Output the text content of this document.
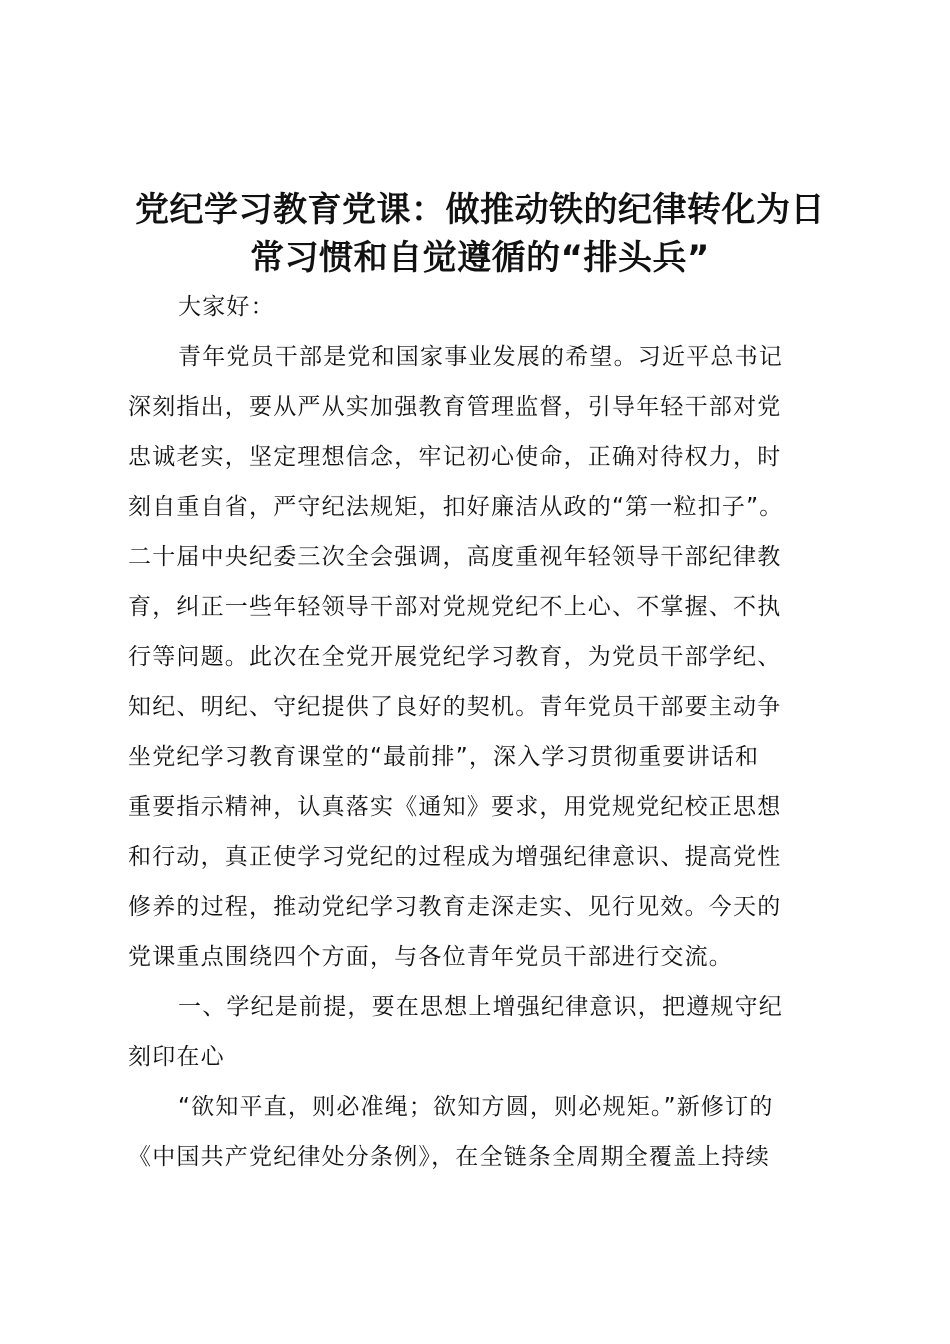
党纪学习教育党课：做推动铁的纪律转化为日
常习惯和自觉遵循的“排头兵”
大家好：
青年党员干部是党和国家事业发展的希望。习近平总书记
深刻指出，要从严从实加强教育管理监督，引导年轻干部对党
忠诚老实，坚定理想信念，牢记初心使命，正确对待权力，时
刻自重自省，严守纪法规矩，扣好廉洁从政的“第一粒扣子”。
二十届中央纪委三次全会强调，高度重视年轻领导干部纪律教
育，纠正一些年轻领导干部对党规党纪不上心、不掌握、不执
行等问题。此次在全党开展党纪学习教育，为党员干部学纪、
知纪、明纪、守纪提供了良好的契机。青年党员干部要主动争
坐党纪学习教育课堂的“最前排”，深入学习贯彻重要讲话和
重要指示精神，认真落实《通知》要求，用党规党纪校正思想
和行动，真正使学习党纪的过程成为增强纪律意识、提高党性
修养的过程，推动党纪学习教育走深走实、见行见效。今天的
党课重点围绕四个方面，与各位青年党员干部进行交流。
一、学纪是前提，要在思想上增强纪律意识，把遵规守纪
刻印在心
“欲知平直，则必准绳；欲知方圆，则必规矩。”新修订的
《中国共产党纪律处分条例》，在全链条全周期全覆盖上持续
